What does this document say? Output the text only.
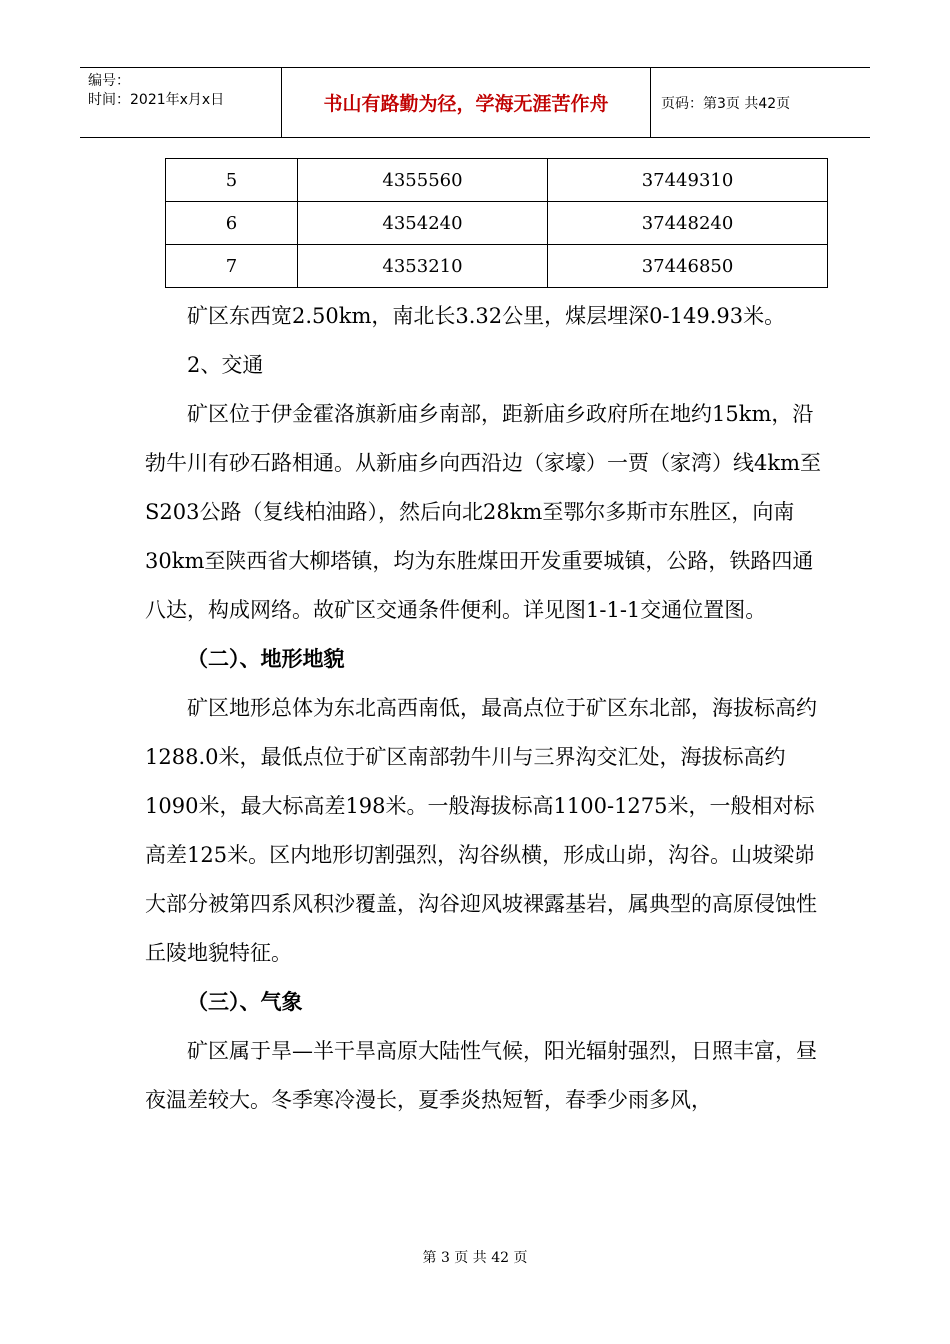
编号：
时间：2021年x月x日	书山有路勤为径，学海无涯苦作舟	页码：第3页 共42页
5	4355560	37449310
6	4354240	37448240
7	4353210	37446850

矿区东西宽2.50km，南北长3.32公里，煤层埋深0-149.93米。

2、交通

矿区位于伊金霍洛旗新庙乡南部，距新庙乡政府所在地约15km，沿勃牛川有砂石路相通。从新庙乡向西沿边（家壕）一贾（家湾）线4km至S203公路（复线柏油路），然后向北28km至鄂尔多斯市东胜区，向南30km至陕西省大柳塔镇，均为东胜煤田开发重要城镇，公路，铁路四通八达，构成网络。故矿区交通条件便利。详见图1-1-1交通位置图。

（二）、地形地貌

矿区地形总体为东北高西南低，最高点位于矿区东北部，海拔标高约1288.0米，最低点位于矿区南部勃牛川与三界沟交汇处，海拔标高约1090米，最大标高差198米。一般海拔标高1100-1275米，一般相对标高差125米。区内地形切割强烈，沟谷纵横，形成山峁，沟谷。山坡梁峁大部分被第四系风积沙覆盖，沟谷迎风坡裸露基岩，属典型的高原侵蚀性丘陵地貌特征。

（三）、气象

矿区属于旱—半干旱高原大陆性气候，阳光辐射强烈，日照丰富，昼夜温差较大。冬季寒冷漫长，夏季炎热短暂，春季少雨多风，

第 3 页 共 42 页
